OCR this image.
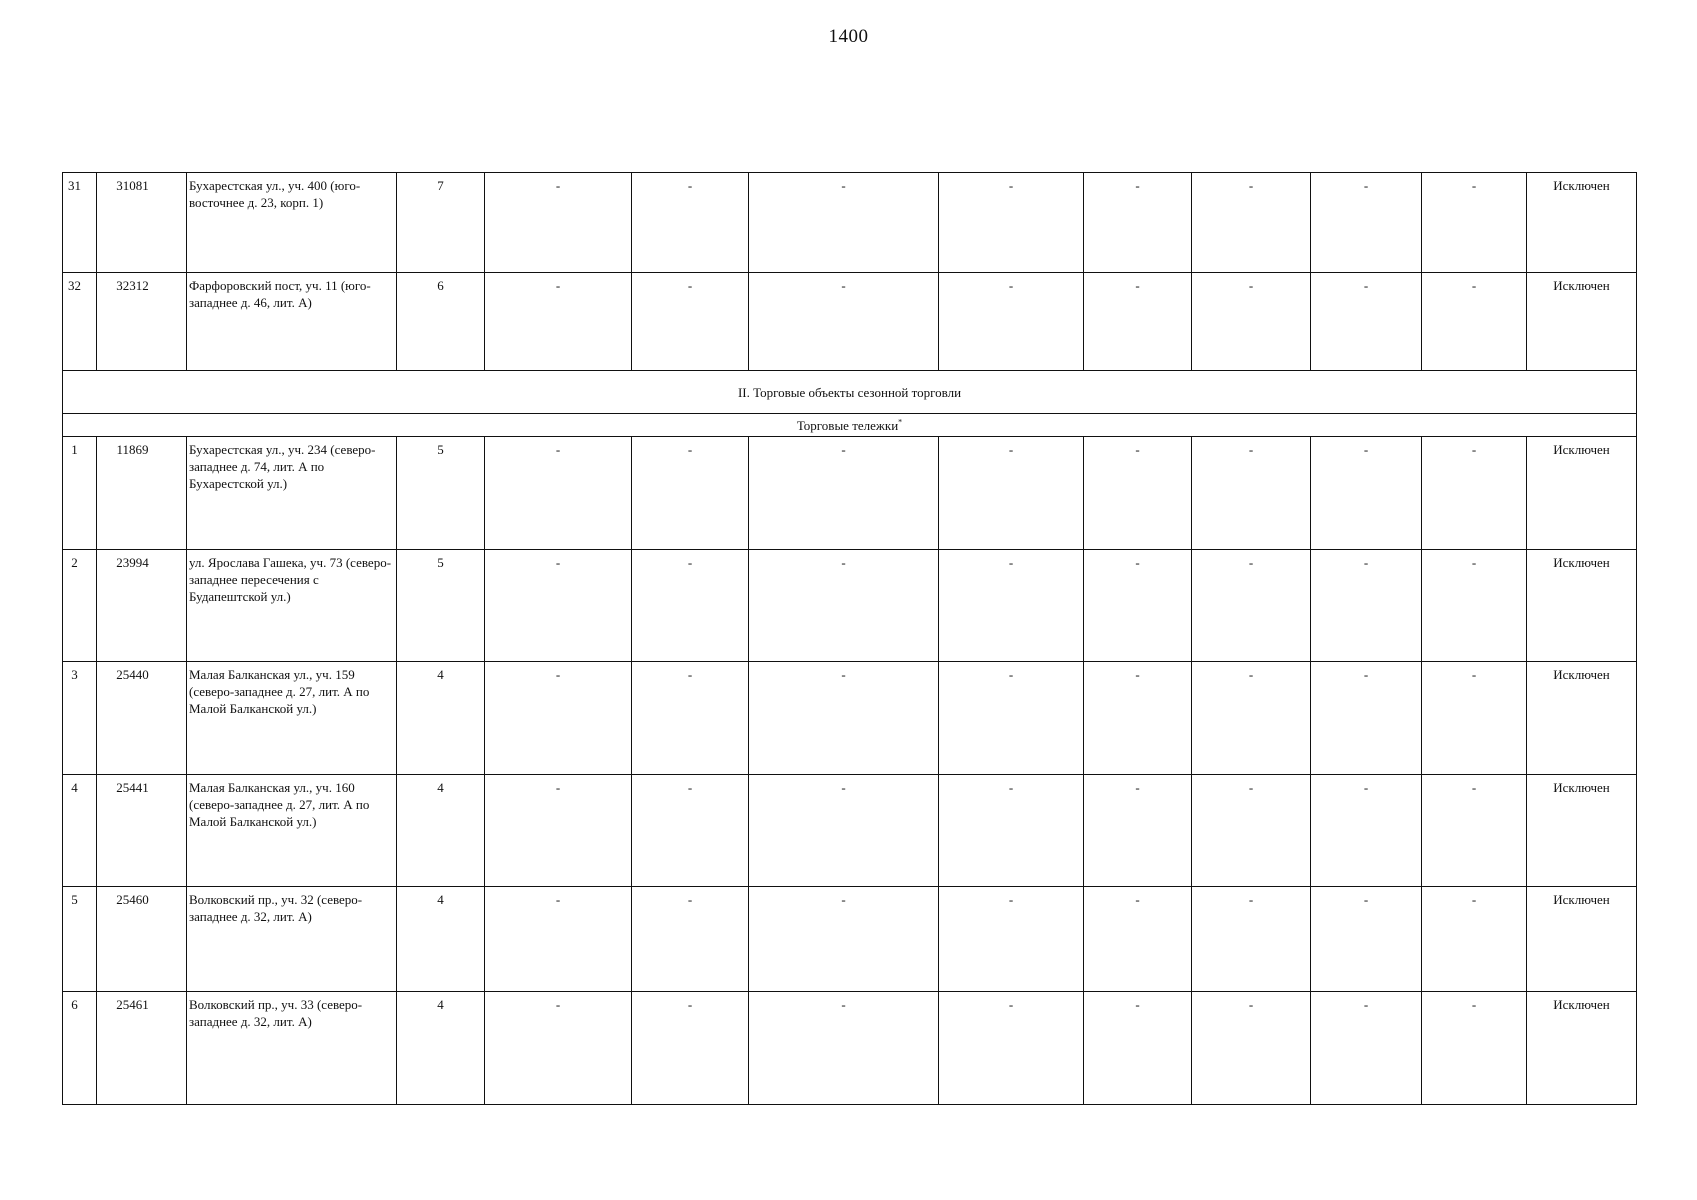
1400
31	31081	Бухарестская ул., уч. 400 (юго-восточнее д. 23, корп. 1)	7	-	-	-	-	-	-	-	-	Исключен
32	32312	Фарфоровский пост, уч. 11 (юго-западнее д. 46, лит. А)	6	-	-	-	-	-	-	-	-	Исключен
II. Торговые объекты сезонной торговли												
Торговые тележки*
1	11869	Бухарестская ул., уч. 234 (северо-западнее д. 74, лит. А по Бухарестской ул.)	5	-	-	-	-	-	-	-	-	Исключен
2	23994	ул. Ярослава Гашека, уч. 73 (северо-западнее пересечения с Будапештской ул.)	5	-	-	-	-	-	-	-	-	Исключен
3	25440	Малая Балканская ул., уч. 159 (северо-западнее д. 27, лит. А по Малой Балканской ул.)	4	-	-	-	-	-	-	-	-	Исключен
4	25441	Малая Балканская ул., уч. 160 (северо-западнее д. 27, лит. А по Малой Балканской ул.)	4	-	-	-	-	-	-	-	-	Исключен
5	25460	Волковский пр., уч. 32 (северо-западнее д. 32, лит. А)	4	-	-	-	-	-	-	-	-	Исключен
6	25461	Волковский пр., уч. 33 (северо-западнее д. 32, лит. А)	4	-	-	-	-	-	-	-	-	Исключен
